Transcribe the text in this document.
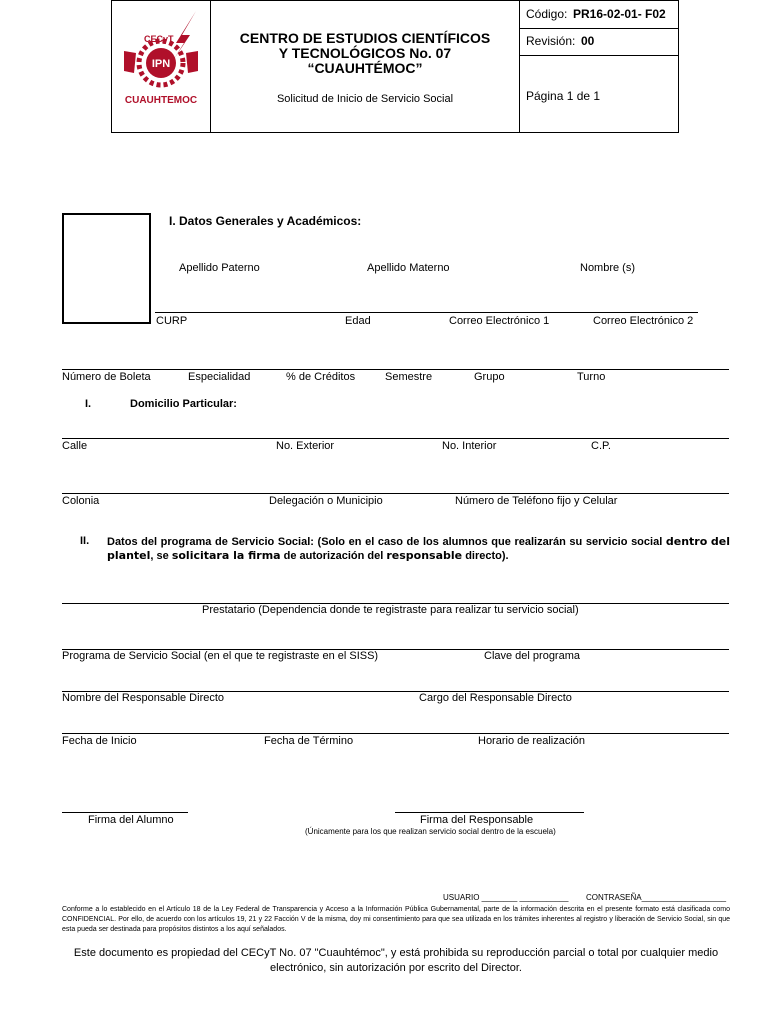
IPN
CECyT
CUAUHTEMOC
CENTRO DE ESTUDIOS CIENTÍFICOS
Y TECNOLÓGICOS No. 07
“CUAUHTÉMOC”
Solicitud de Inicio de Servicio Social
Código: PR16-02-01- F02
Revisión: 00
Página 1 de 1
I. Datos Generales y Académicos:
Apellido Paterno	Apellido Materno	Nombre (s)
CURP	Edad	Correo Electrónico 1	Correo Electrónico 2
Número de Boleta	Especialidad	% de Créditos	Semestre	Grupo	Turno
I.	Domicilio Particular:
Calle	No. Exterior	No. Interior	C.P.
Colonia	Delegación o Municipio	Número de Teléfono fijo y Celular
II. Datos del programa de Servicio Social: (Solo en el caso de los alumnos que realizarán su servicio social dentro del plantel, se solicitara la firma de autorización del responsable directo).
Prestatario (Dependencia donde te registraste para realizar tu servicio social)
Programa de Servicio Social (en el que te registraste en el SISS)	Clave del programa
Nombre del Responsable Directo	Cargo del Responsable Directo
Fecha de Inicio	Fecha de Término	Horario de realización
Firma del Alumno	Firma del Responsable
(Únicamente para los que realizan servicio social dentro de la escuela)
USUARIO ________ ___________ CONTRASEÑA___________________
Conforme a lo establecido en el Artículo 18 de la Ley Federal de Transparencia y Acceso a la Información Pública Gubernamental, parte de la información descrita en el presente formato está clasificada como CONFIDENCIAL. Por ello, de acuerdo con los artículos 19, 21 y 22 Facción V de la misma, doy mi consentimiento para que sea utilizada en los trámites inherentes al registro y liberación de Servicio Social, sin que esta pueda ser destinada para propósitos distintos a los aquí señalados.
Este documento es propiedad del CECyT No. 07 "Cuauhtémoc", y está prohibida su reproducción parcial o total por cualquier medio electrónico, sin autorización por escrito del Director.
